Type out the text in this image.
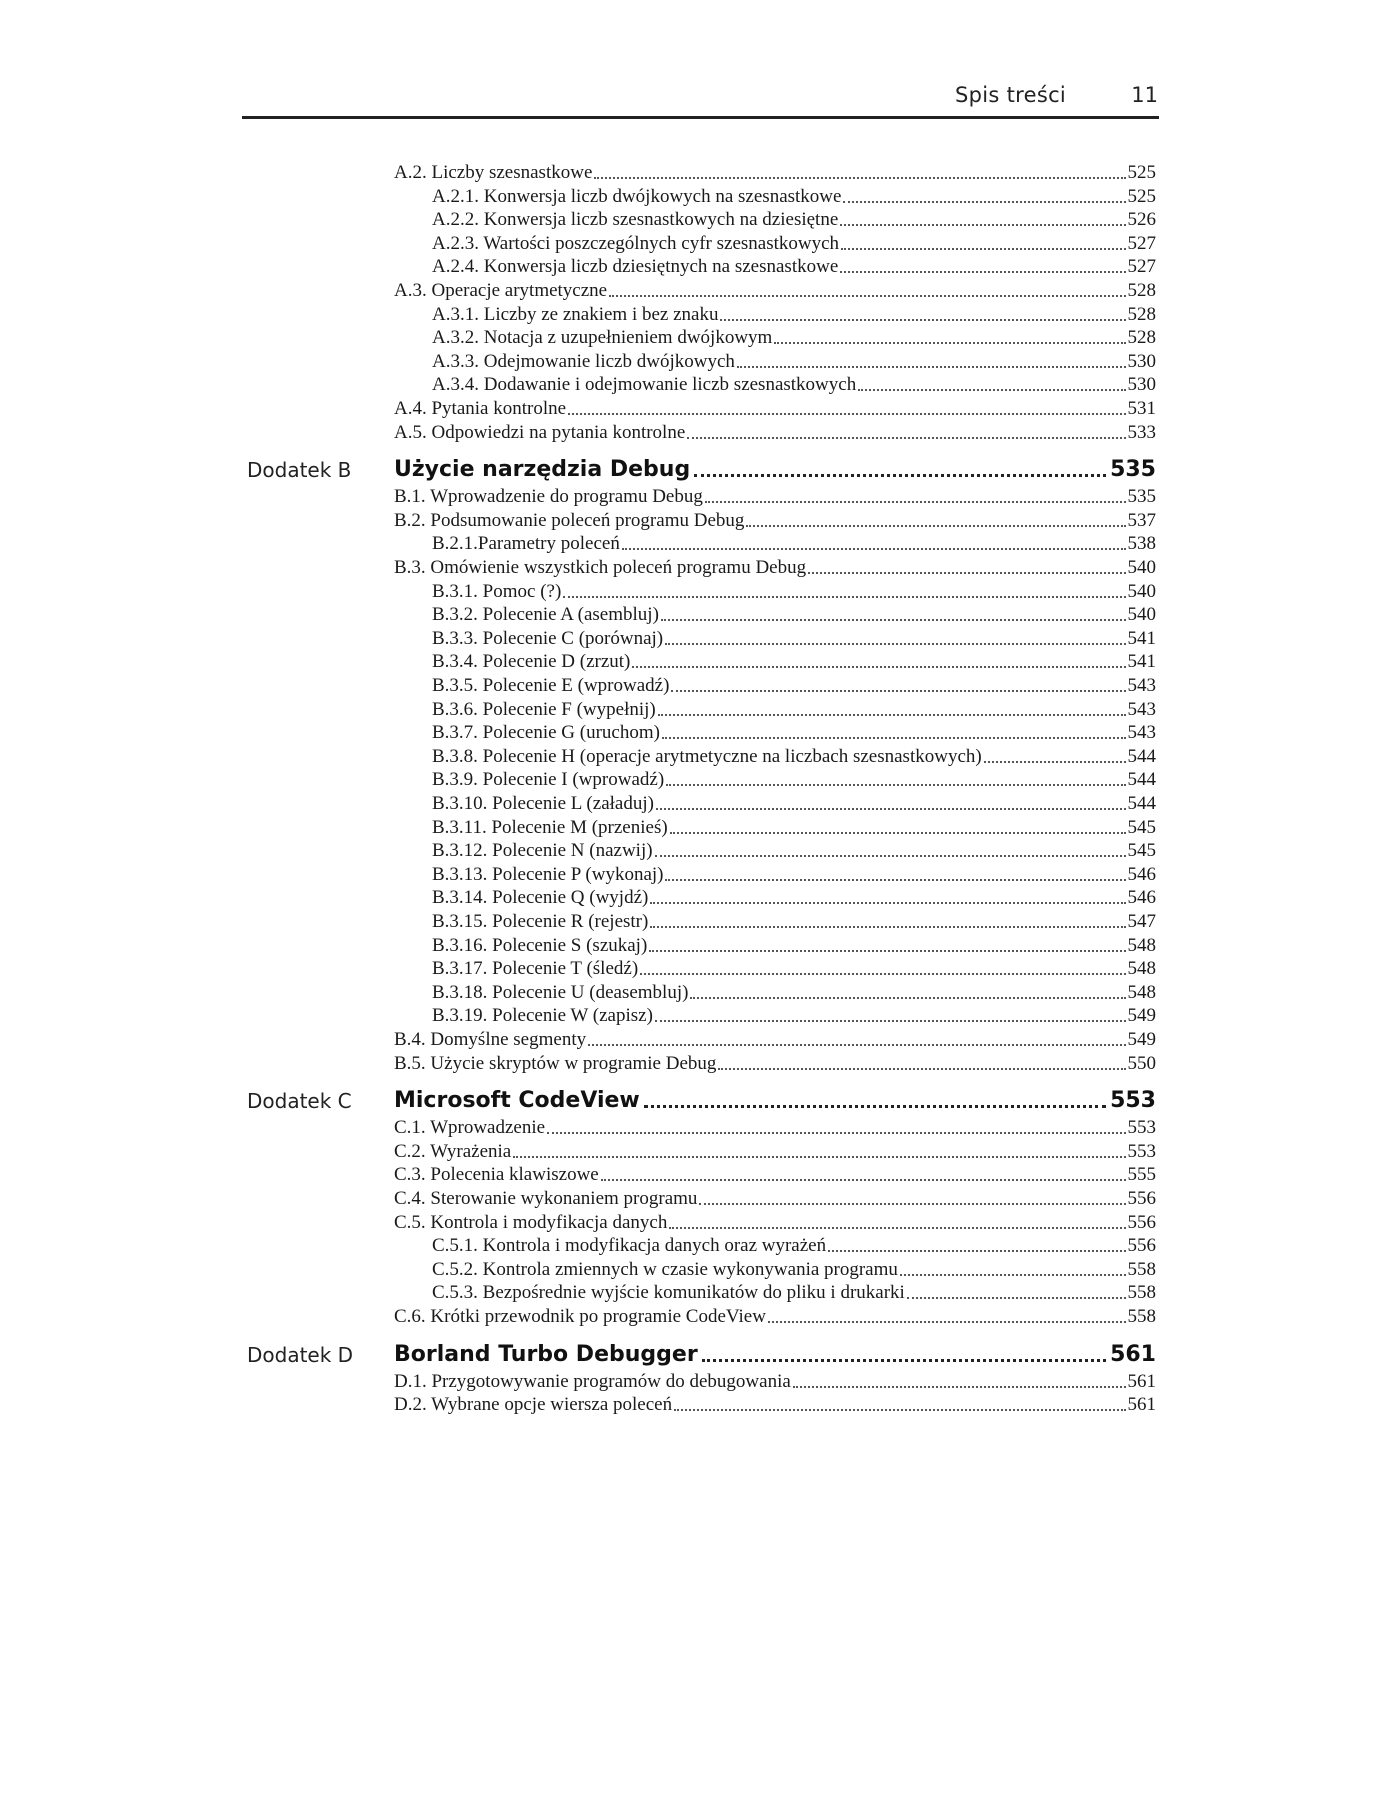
Spis treści	11
A.2. Liczby szesnastkowe	525
A.2.1. Konwersja liczb dwójkowych na szesnastkowe	525
A.2.2. Konwersja liczb szesnastkowych na dziesiętne	526
A.2.3. Wartości poszczególnych cyfr szesnastkowych	527
A.2.4. Konwersja liczb dziesiętnych na szesnastkowe	527
A.3. Operacje arytmetyczne	528
A.3.1. Liczby ze znakiem i bez znaku	528
A.3.2. Notacja z uzupełnieniem dwójkowym	528
A.3.3. Odejmowanie liczb dwójkowych	530
A.3.4. Dodawanie i odejmowanie liczb szesnastkowych	530
A.4. Pytania kontrolne	531
A.5. Odpowiedzi na pytania kontrolne	533
Dodatek B Użycie narzędzia Debug	535
B.1. Wprowadzenie do programu Debug	535
B.2. Podsumowanie poleceń programu Debug	537
B.2.1.Parametry poleceń	538
B.3. Omówienie wszystkich poleceń programu Debug	540
B.3.1. Pomoc (?)	540
B.3.2. Polecenie A (asembluj)	540
B.3.3. Polecenie C (porównaj)	541
B.3.4. Polecenie D (zrzut)	541
B.3.5. Polecenie E (wprowadź)	543
B.3.6. Polecenie F (wypełnij)	543
B.3.7. Polecenie G (uruchom)	543
B.3.8. Polecenie H (operacje arytmetyczne na liczbach szesnastkowych)	544
B.3.9. Polecenie I (wprowadź)	544
B.3.10. Polecenie L (załaduj)	544
B.3.11. Polecenie M (przenieś)	545
B.3.12. Polecenie N (nazwij)	545
B.3.13. Polecenie P (wykonaj)	546
B.3.14. Polecenie Q (wyjdź)	546
B.3.15. Polecenie R (rejestr)	547
B.3.16. Polecenie S (szukaj)	548
B.3.17. Polecenie T (śledź)	548
B.3.18. Polecenie U (deasembluj)	548
B.3.19. Polecenie W (zapisz)	549
B.4. Domyślne segmenty	549
B.5. Użycie skryptów w programie Debug	550
Dodatek C Microsoft CodeView	553
C.1. Wprowadzenie	553
C.2. Wyrażenia	553
C.3. Polecenia klawiszowe	555
C.4. Sterowanie wykonaniem programu	556
C.5. Kontrola i modyfikacja danych	556
C.5.1. Kontrola i modyfikacja danych oraz wyrażeń	556
C.5.2. Kontrola zmiennych w czasie wykonywania programu	558
C.5.3. Bezpośrednie wyjście komunikatów do pliku i drukarki	558
C.6. Krótki przewodnik po programie CodeView	558
Dodatek D Borland Turbo Debugger	561
D.1. Przygotowywanie programów do debugowania	561
D.2. Wybrane opcje wiersza poleceń	561
